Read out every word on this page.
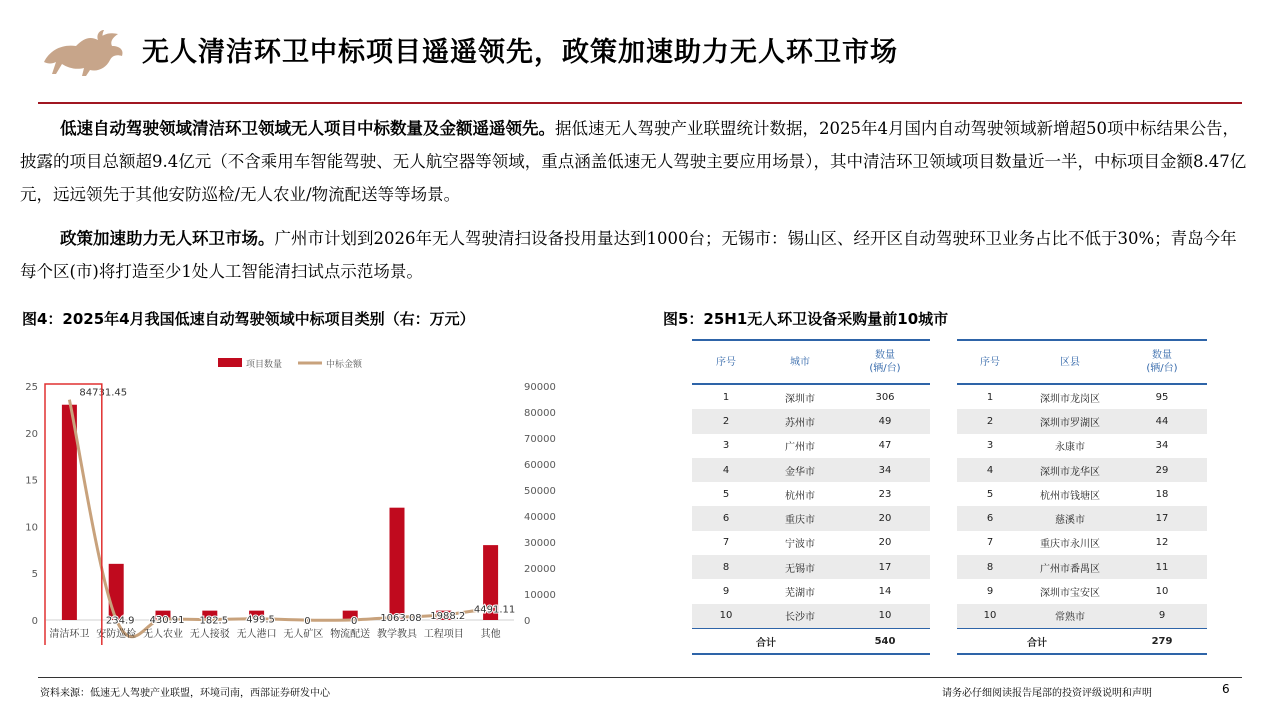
无人清洁环卫中标项目遥遥领先，政策加速助力无人环卫市场

低速自动驾驶领域清洁环卫领域无人项目中标数量及金额遥遥领先。据低速无人驾驶产业联盟统计数据，2025年4月国内自动驾驶领域新增超50项中标结果公告，披露的项目总额超9.4亿元（不含乘用车智能驾驶、无人航空器等领域，重点涵盖低速无人驾驶主要应用场景），其中清洁环卫领域项目数量近一半，中标项目金额8.47亿元，远远领先于其他安防巡检/无人农业/物流配送等等场景。

政策加速助力无人环卫市场。广州市计划到2026年无人驾驶清扫设备投用量达到1000台；无锡市：锡山区、经开区自动驾驶环卫业务占比不低于30%；青岛今年每个区(市)将打造至少1处人工智能清扫试点示范场景。

图4：2025年4月我国低速自动驾驶领域中标项目类别（右：万元）	图5：25H1无人环卫设备采购量前10城市
0
5
10
15
20
25
0
10000
20000
30000
40000
50000
60000
70000
80000
90000
84731.45
234.9 430.91 182.5 499.5	0	0 1063.08 1988.2
4491.11
清洁环卫 安防巡检 无人农业 无人接驳 无人港口 无人矿区 物流配送 教学教具 工程项目 其他
项目数量	中标金额	序号	城市	数量
(辆/台)
1	深圳市	306
2	苏州市	49
3	广州市	47
4	金华市	34
5	杭州市	23
6	重庆市	20
7	宁波市	20
8	无锡市	17
9	芜湖市	14
10	长沙市	10
合计		540
序号	区县	数量
(辆/台)
1	深圳市龙岗区	95
2	深圳市罗湖区	44
3	永康市	34
4	深圳市龙华区	29
5	杭州市钱塘区	18
6	慈溪市	17
7	重庆市永川区	12
8	广州市番禺区	11
9	深圳市宝安区	10
10	常熟市	9
合计		279
资料来源：低速无人驾驶产业联盟，环境司南，西部证券研发中心	请务必仔细阅读报告尾部的投资评级说明和声明	6
